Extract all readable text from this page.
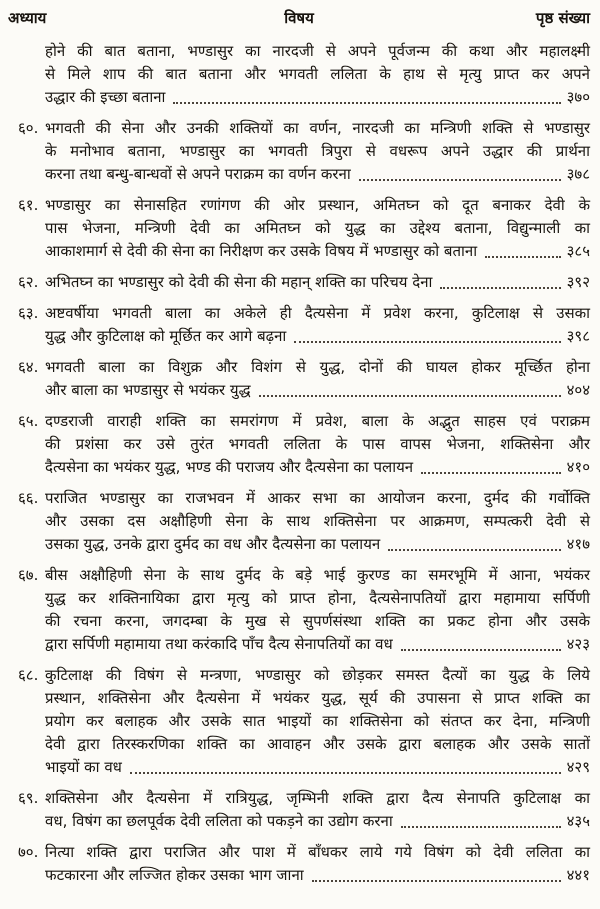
अध्याय	विषय	पृष्ठ संख्या
होने की बात बताना, भण्डासुर का नारदजी से अपने पूर्वजन्म की कथा और महालक्ष्मी
से मिले शाप की बात बताना और भगवती ललिता के हाथ से मृत्यु प्राप्त कर अपने
उद्धार की इच्छा बताना	३७०
६०. भगवती की सेना और उनकी शक्तियों का वर्णन, नारदजी का मन्त्रिणी शक्ति से भण्डासुर
के मनोभाव बताना, भण्डासुर का भगवती त्रिपुरा से वधरूप अपने उद्धार की प्रार्थना
करना तथा बन्धु-बान्धवों से अपने पराक्रम का वर्णन करना	३७८
६१. भण्डासुर का सेनासहित रणांगण की ओर प्रस्थान, अमितघ्न को दूत बनाकर देवी के
पास भेजना, मन्त्रिणी देवी का अमितघ्न को युद्ध का उद्देश्य बताना, विद्युन्माली का
आकाशमार्ग से देवी की सेना का निरीक्षण कर उसके विषय में भण्डासुर को बताना	३८५
६२. अभितघ्न का भण्डासुर को देवी की सेना की महान् शक्ति का परिचय देना	३९२
६३. अष्टवर्षीया भगवती बाला का अकेले ही दैत्यसेना में प्रवेश करना, कुटिलाक्ष से उसका
युद्ध और कुटिलाक्ष को मूर्छित कर आगे बढ़ना	३९८
६४. भगवती बाला का विशुक्र और विशंग से युद्ध, दोनों की घायल होकर मूर्च्छित होना
और बाला का भण्डासुर से भयंकर युद्ध	४०४
६५. दण्डराजी वाराही शक्ति का समरांगण में प्रवेश, बाला के अद्भुत साहस एवं पराक्रम
की प्रशंसा कर उसे तुरंत भगवती ललिता के पास वापस भेजना, शक्तिसेना और
दैत्यसेना का भयंकर युद्ध, भण्ड की पराजय और दैत्यसेना का पलायन	४१०
६६. पराजित भण्डासुर का राजभवन में आकर सभा का आयोजन करना, दुर्मद की गर्वोक्ति
और उसका दस अक्षौहिणी सेना के साथ शक्तिसेना पर आक्रमण, सम्पत्करी देवी से
उसका युद्ध, उनके द्वारा दुर्मद का वध और दैत्यसेना का पलायन	४१७
६७. बीस अक्षौहिणी सेना के साथ दुर्मद के बड़े भाई कुरण्ड का समरभूमि में आना, भयंकर
युद्ध कर शक्तिनायिका द्वारा मृत्यु को प्राप्त होना, दैत्यसेनापतियों द्वारा महामाया सर्पिणी
की रचना करना, जगदम्बा के मुख से सुपर्णसंस्था शक्ति का प्रकट होना और उसके
द्वारा सर्पिणी महामाया तथा करंकादि पाँच दैत्य सेनापतियों का वध	४२३
६८. कुटिलाक्ष की विषंग से मन्त्रणा, भण्डासुर को छोड़कर समस्त दैत्यों का युद्ध के लिये
प्रस्थान, शक्तिसेना और दैत्यसेना में भयंकर युद्ध, सूर्य की उपासना से प्राप्त शक्ति का
प्रयोग कर बलाहक और उसके सात भाइयों का शक्तिसेना को संतप्त कर देना, मन्त्रिणी
देवी द्वारा तिरस्करणिका शक्ति का आवाहन और उसके द्वारा बलाहक और उसके सातों
भाइयों का वध	४२९
६९. शक्तिसेना और दैत्यसेना में रात्रियुद्ध, जृम्भिनी शक्ति द्वारा दैत्य सेनापति कुटिलाक्ष का
वध, विषंग का छलपूर्वक देवी ललिता को पकड़ने का उद्योग करना	४३५
७०. नित्या शक्ति द्वारा पराजित और पाश में बाँधकर लाये गये विषंग को देवी ललिता का
फटकारना और लज्जित होकर उसका भाग जाना	४४१
